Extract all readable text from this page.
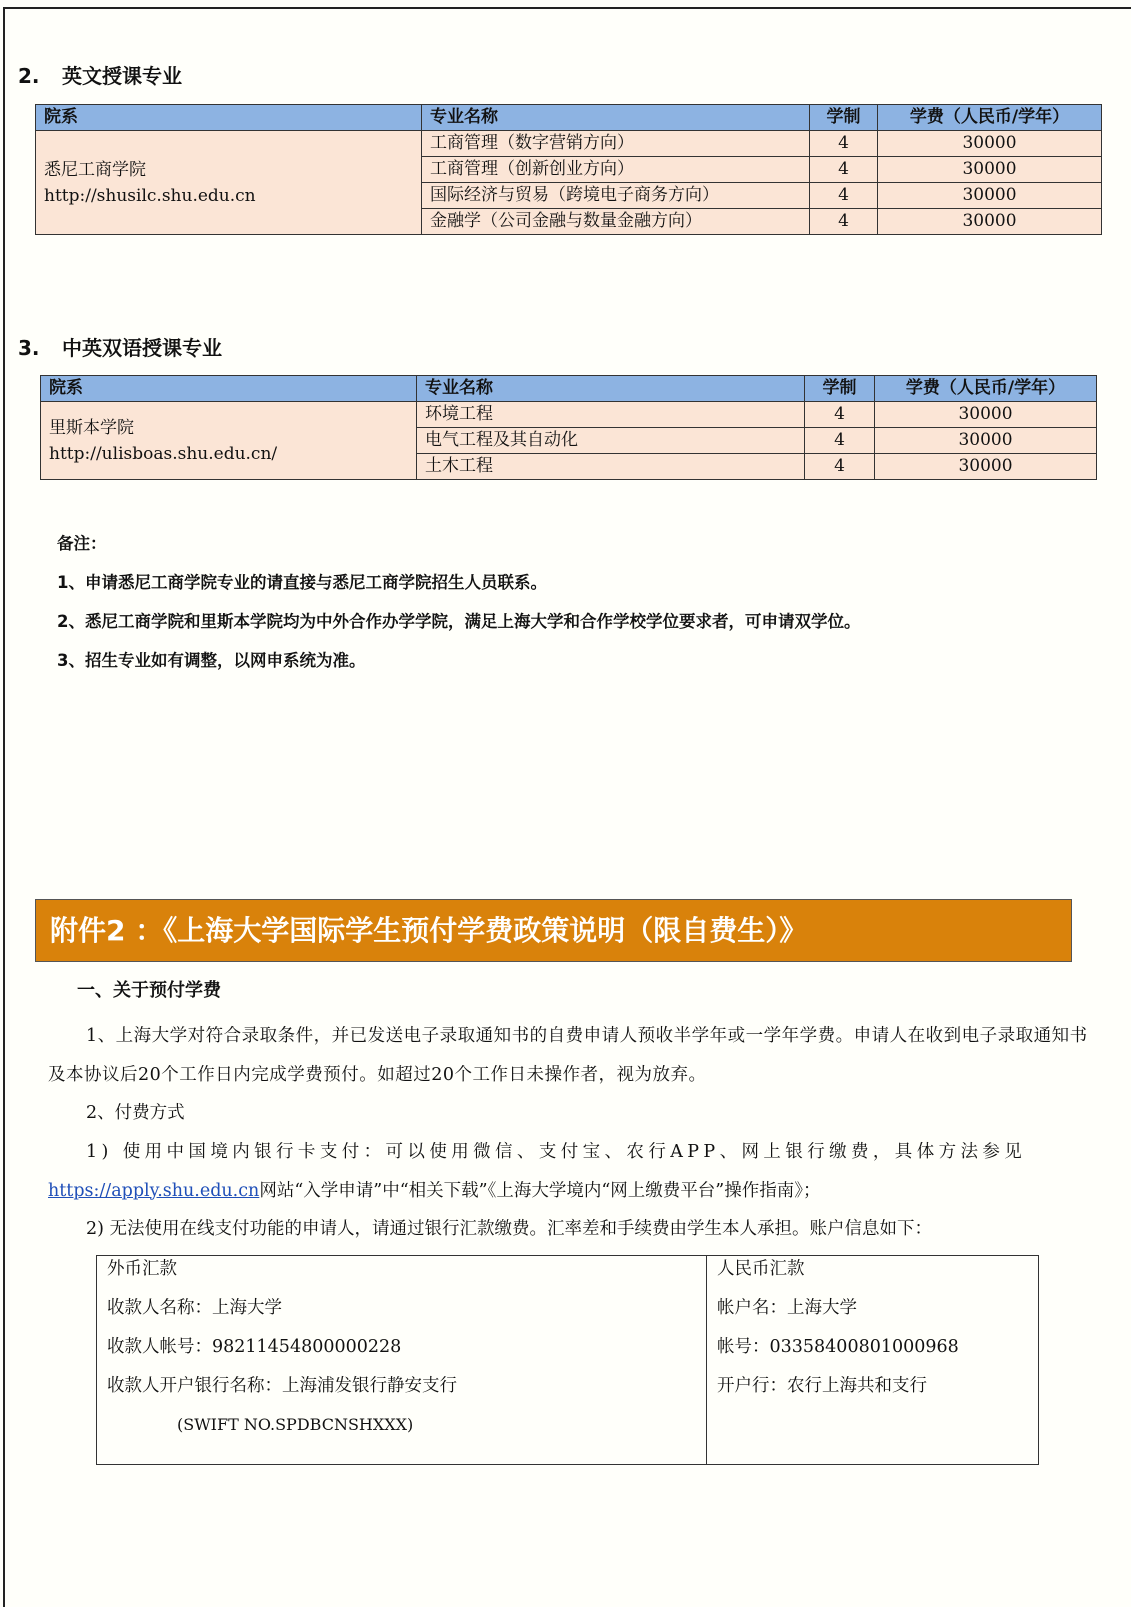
2. 英文授课专业
院系	专业名称	学制	学费（人民币/学年）

悉尼工商学院
http://shusilc.shu.edu.cn	工商管理（数字营销方向）	4	30000
	工商管理（创新创业方向）	4	30000
	国际经济与贸易（跨境电子商务方向）	4	30000
	金融学（公司金融与数量金融方向）	4	30000
3. 中英双语授课专业
院系	专业名称	学制	学费（人民币/学年）

里斯本学院
http://ulisboas.shu.edu.cn/	环境工程	4	30000
	电气工程及其自动化	4	30000
	土木工程	4	30000
备注：
1、申请悉尼工商学院专业的请直接与悉尼工商学院招生人员联系。
2、悉尼工商学院和里斯本学院均为中外合作办学学院，满足上海大学和合作学校学位要求者，可申请双学位。
3、招生专业如有调整，以网申系统为准。
附件2 ：《上海大学国际学生预付学费政策说明（限自费生）》
一、关于预付学费
1、上海大学对符合录取条件，并已发送电子录取通知书的自费申请人预收半学年或一学年学费。申请人在收到电子录取通知书及本协议后20个工作日内完成学费预付。如超过20个工作日未操作者，视为放弃。
2、付费方式
1) 使用中国境内银行卡支付：可以使用微信、支付宝、农行APP、网上银行缴费，具体方法参见
https://apply.shu.edu.cn网站“入学申请”中“相关下载”《上海大学境内“网上缴费平台”操作指南》；
2) 无法使用在线支付功能的申请人，请通过银行汇款缴费。汇率差和手续费由学生本人承担。账户信息如下：
外币汇款
收款人名称：上海大学
收款人帐号：98211454800000228
收款人开户银行名称：上海浦发银行静安支行
(SWIFT NO.SPDBCNSHXXX)
人民币汇款
帐户名：上海大学
帐号：03358400801000968
开户行：农行上海共和支行
